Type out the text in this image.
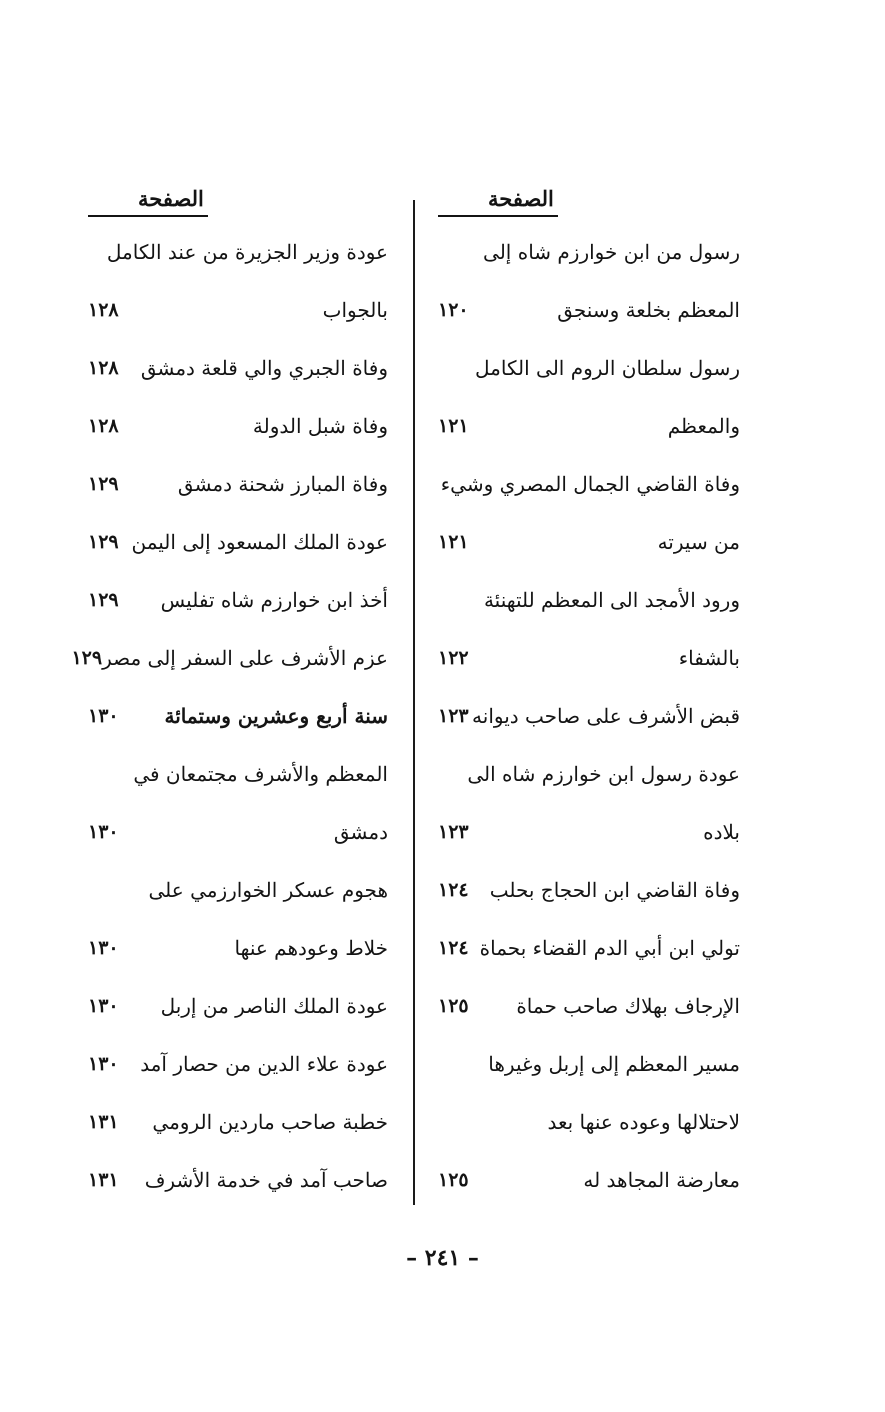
الصفحة
رسول من ابن خوارزم شاه إلى
المعظم بخلعة وسنجق
١٢٠
رسول سلطان الروم الى الكامل
والمعظم
١٢١
وفاة القاضي الجمال المصري وشيء
من سيرته
١٢١
ورود الأمجد الى المعظم للتهنئة
بالشفاء
١٢٢
قبض الأشرف على صاحب ديوانه
١٢٣
عودة رسول ابن خوارزم شاه الى
بلاده
١٢٣
وفاة القاضي ابن الحجاج بحلب
١٢٤
تولي ابن أبي الدم القضاء بحماة
١٢٤
الإرجاف بهلاك صاحب حماة
١٢٥
مسير المعظم إلى إربل وغيرها
لاحتلالها وعوده عنها بعد
معارضة المجاهد له
١٢٥
الصفحة
عودة وزير الجزيرة من عند الكامل
بالجواب
١٢٨
وفاة الجبري والي قلعة دمشق
١٢٨
وفاة شبل الدولة
١٢٨
وفاة المبارز شحنة دمشق
١٢٩
عودة الملك المسعود إلى اليمن
١٢٩
أخذ ابن خوارزم شاه تفليس
١٢٩
عزم الأشرف على السفر إلى مصر
١٢٩
سنة أربع وعشرين وستمائة
١٣٠
المعظم والأشرف مجتمعان في
دمشق
١٣٠
هجوم عسكر الخوارزمي على
خلاط وعودهم عنها
١٣٠
عودة الملك الناصر من إربل
١٣٠
عودة علاء الدين من حصار آمد
١٣٠
خطبة صاحب ماردين الرومي
١٣١
صاحب آمد في خدمة الأشرف
١٣١
– ٢٤١ –
